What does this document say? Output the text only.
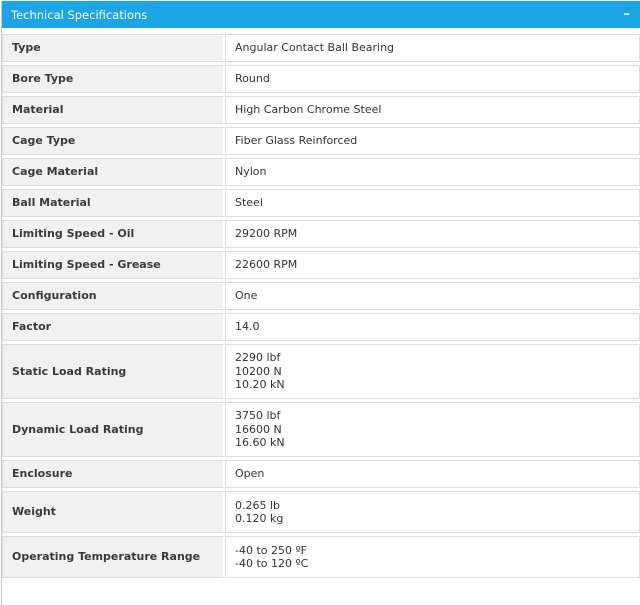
Technical Specifications	–
Type	Angular Contact Ball Bearing

Bore Type	Round

Material	High Carbon Chrome Steel

Cage Type	Fiber Glass Reinforced

Cage Material	Nylon

Ball Material	Steel

Limiting Speed - Oil	29200 RPM

Limiting Speed - Grease	22600 RPM

Configuration	One

Factor	14.0

Static Load Rating	2290 lbf
10200 N
10.20 kN

Dynamic Load Rating	3750 lbf
16600 N
16.60 kN

Enclosure	Open

Weight	0.265 lb
0.120 kg

Operating Temperature Range	-40 to 250 ºF
-40 to 120 ºC
